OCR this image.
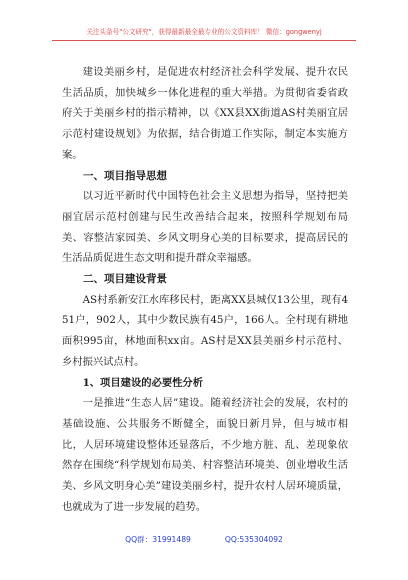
关注头条号"公文研究"，获得最新最全最专业的公文资料库！ 微信：gongwenyj

建设美丽乡村，是促进农村经济社会科学发展、提升农民生活品质，加快城乡一体化进程的重大举措。为贯彻省委省政府关于美丽乡村的指示精神，以《XX县XX街道AS村美丽宜居示范村建设规划》为依据，结合街道工作实际，制定本实施方案。

一、项目指导思想

以习近平新时代中国特色社会主义思想为指导，坚持把美丽宜居示范村创建与民生改善结合起来，按照科学规划布局美、容整洁家园美、乡风文明身心美的目标要求，提高居民的生活品质促进生态文明和提升群众幸福感。

二、项目建设背景

AS村系新安江水库移民村，距离XX县城仅13公里，现有451户，902人，其中少数民族有45户，166人。全村现有耕地面积995亩，林地面积xx亩。AS村是XX县美丽乡村示范村、乡村振兴试点村。

1、项目建设的必要性分析

一是推进“生态人居”建设。随着经济社会的发展，农村的基础设施、公共服务不断健全，面貌日新月异，但与城市相比，人居环境建设整体还显落后，不少地方脏、乱、差现象依然存在围绕“科学规划布局美、村容整洁环境美、创业增收生活美、乡风文明身心美”建设美丽乡村，提升农村人居环境质量，也就成为了进一步发展的趋势。

QQ群：31991489	QQ:535304092
